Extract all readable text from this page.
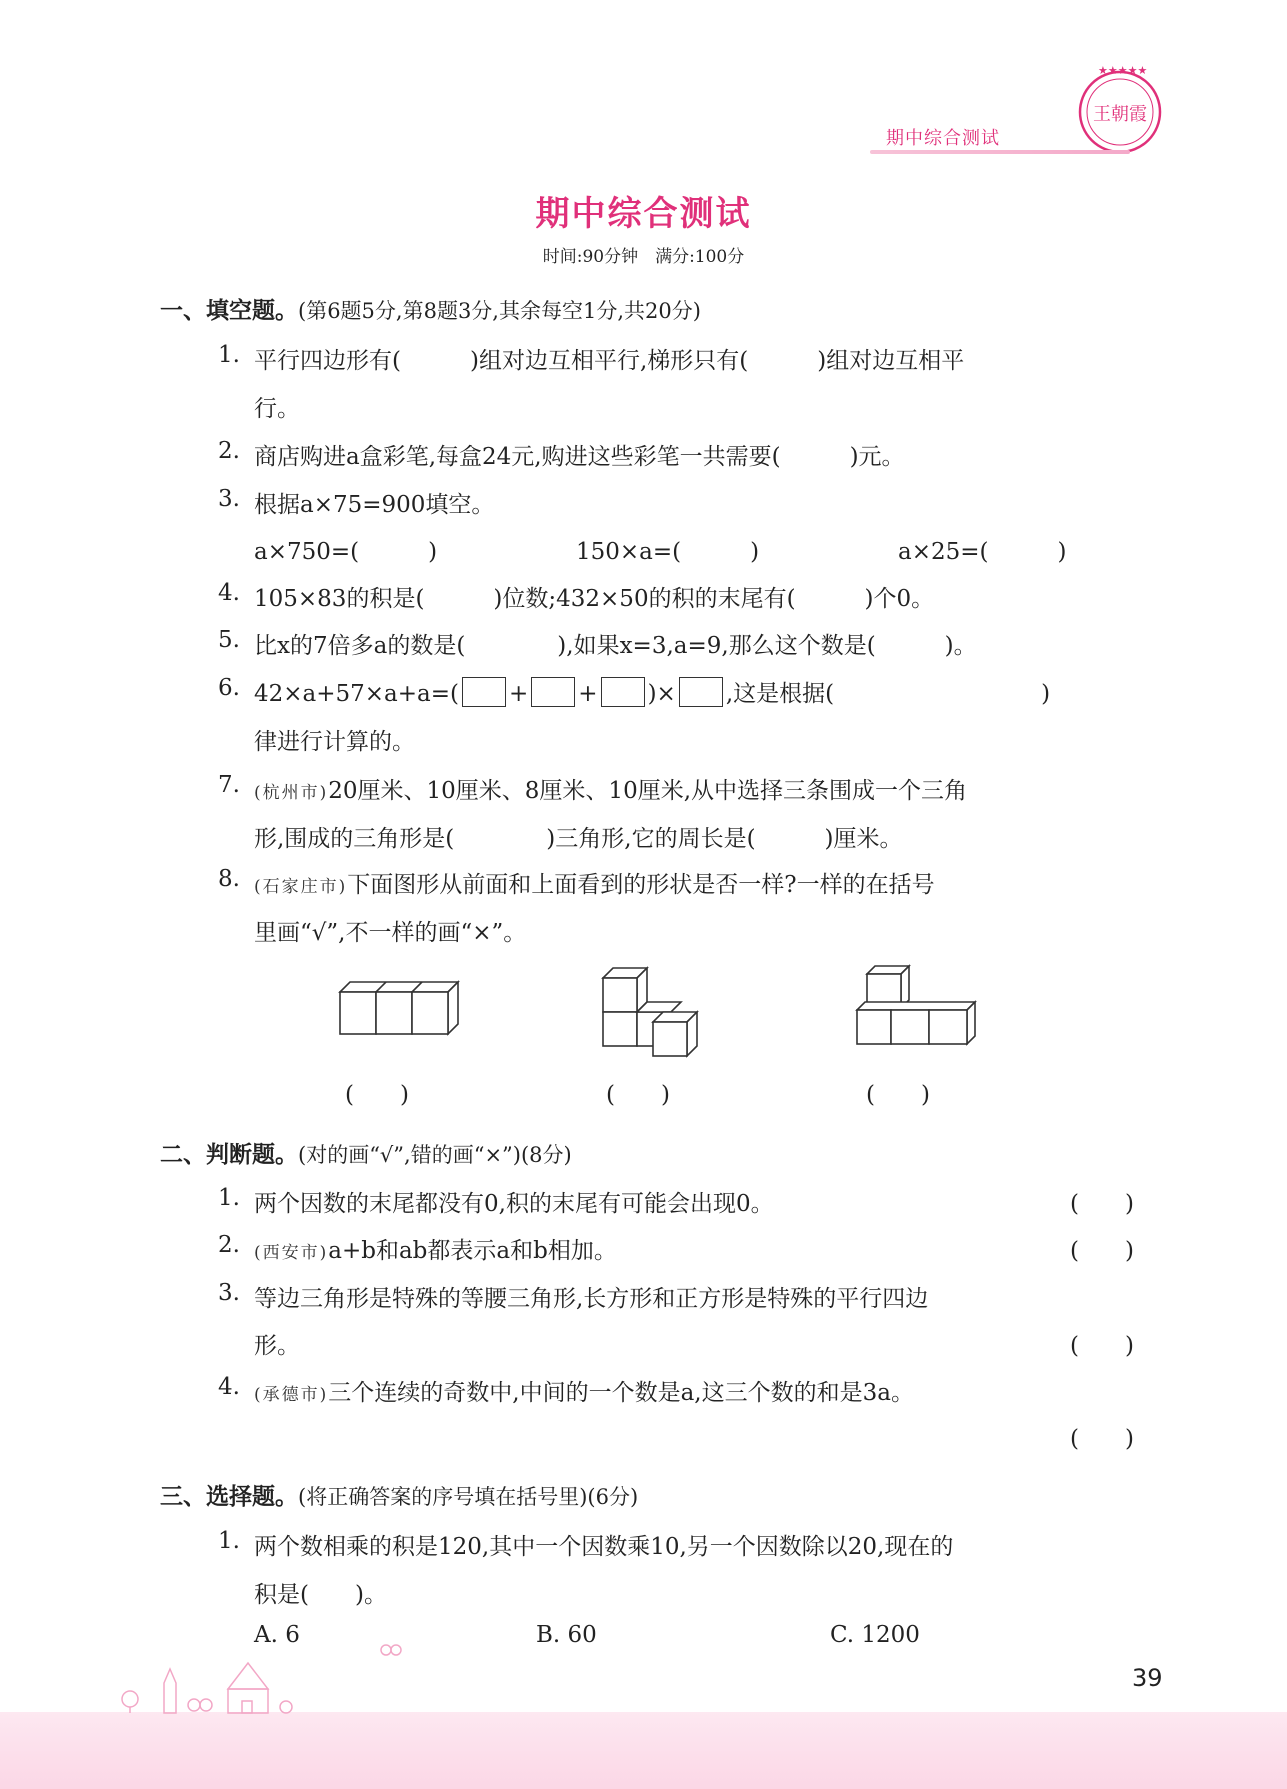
★★★★★
王朝霞
期中综合测试
期中综合测试
时间:90分钟　满分:100分
一、填空题。(第6题5分,第8题3分,其余每空1分,共20分)
1. 平行四边形有(　　　)组对边互相平行,梯形只有(　　　)组对边互相平
行。
2. 商店购进a盒彩笔,每盒24元,购进这些彩笔一共需要(　　　)元。
3. 根据a×75=900填空。
a×750=(　　　)	150×a=(　　　)	a×25=(　　　)
4. 105×83的积是(　　　)位数;432×50的积的末尾有(　　　)个0。
5. 比x的7倍多a的数是(　　　　),如果x=3,a=9,那么这个数是(　　　)。
6. 42×a+57×a+a=( + + )× ,这是根据(　　　　　　　　　)
律进行计算的。
7. (杭州市)20厘米、10厘米、8厘米、10厘米,从中选择三条围成一个三角
形,围成的三角形是(　　　　)三角形,它的周长是(　　　)厘米。
8. (石家庄市)下面图形从前面和上面看到的形状是否一样?一样的在括号
里画“√”,不一样的画“×”。
(　　)	(　　)	(　　)
二、判断题。(对的画“√”,错的画“×”)(8分)
1. 两个因数的末尾都没有0,积的末尾有可能会出现0。	(　　)
2. (西安市)a+b和ab都表示a和b相加。	(　　)
3. 等边三角形是特殊的等腰三角形,长方形和正方形是特殊的平行四边
形。	(　　)
4. (承德市)三个连续的奇数中,中间的一个数是a,这三个数的和是3a。
(　　)
三、选择题。(将正确答案的序号填在括号里)(6分)
1. 两个数相乘的积是120,其中一个因数乘10,另一个因数除以20,现在的
积是(　　)。
A. 6	B. 60	C. 1200
39
